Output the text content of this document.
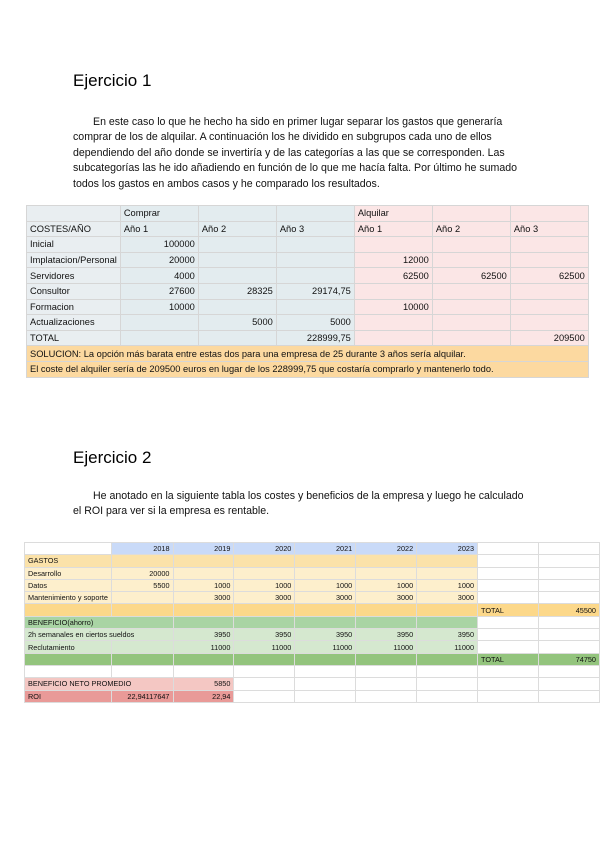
Ejercicio 1
En este caso lo que he hecho ha sido en primer lugar separar los gastos que generaría comprar de los de alquilar. A continuación los he dividido en subgrupos cada uno de ellos dependiendo del año donde se invertiría y de las categorías a las que se corresponden. Las subcategorías las he ido añadiendo en función de lo que me hacía falta. Por último he sumado todos los gastos en ambos casos y he comparado los resultados.
	Comprar			Alquilar		
COSTES/AÑO	Año 1	Año 2	Año 3	Año 1	Año 2	Año 3
Inicial	100000					
Implatacion/Personal	20000			12000		
Servidores	4000			62500	62500	62500
Consultor	27600	28325	29174,75			
Formacion	10000			10000		
Actualizaciones		5000	5000			
TOTAL			228999,75			209500
SOLUCION: La opción más barata entre estas dos para una empresa de 25 durante 3 años sería alquilar.						
El coste del alquiler sería de 209500 euros en lugar de los 228999,75 que costaría comprarlo y mantenerlo todo.						
Ejercicio 2
He anotado en la siguiente tabla los costes y beneficios de la empresa y luego he calculado el ROI para ver si la empresa es rentable.
	2018	2019	2020	2021	2022	2023		
GASTOS								
Desarrollo	20000							
Datos	5500	1000	1000	1000	1000	1000		
Mantenimiento y soporte		3000	3000	3000	3000	3000		
							TOTAL	45500
BENEFICIO(ahorro)								
2h semanales en ciertos sueldos		3950	3950	3950	3950	3950		
Reclutamiento		11000	11000	11000	11000	11000		
							TOTAL	74750

BENEFICIO NETO PROMEDIO		5850						
ROI	22,94117647	22,94						
